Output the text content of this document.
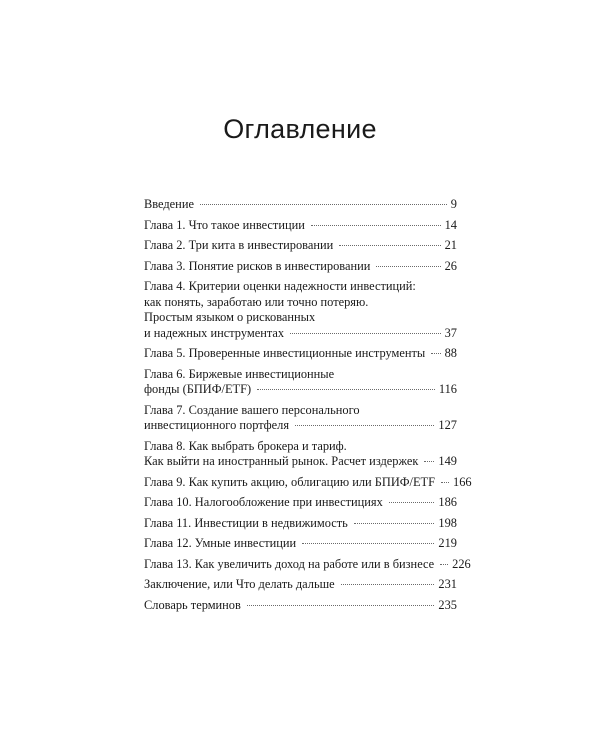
Оглавление
Введение	9
Глава 1. Что такое инвестиции	14
Глава 2. Три кита в инвестировании	21
Глава 3. Понятие рисков в инвестировании	26
Глава 4. Критерии оценки надежности инвестиций:
как понять, заработаю или точно потеряю.
Простым языком о рискованных
и надежных инструментах	37
Глава 5. Проверенные инвестиционные инструменты 88
Глава 6. Биржевые инвестиционные
фонды (БПИФ/ETF)	116
Глава 7. Создание вашего персонального
инвестиционного портфеля	127
Глава 8. Как выбрать брокера и тариф.
Как выйти на иностранный рынок. Расчет издержек 149
Глава 9. Как купить акцию, облигацию или БПИФ/ETF 166
Глава 10. Налогообложение при инвестициях	186
Глава 11. Инвестиции в недвижимость	198
Глава 12. Умные инвестиции	219
Глава 13. Как увеличить доход на работе или в бизнесе 226
Заключение, или Что делать дальше	231
Словарь терминов	235
